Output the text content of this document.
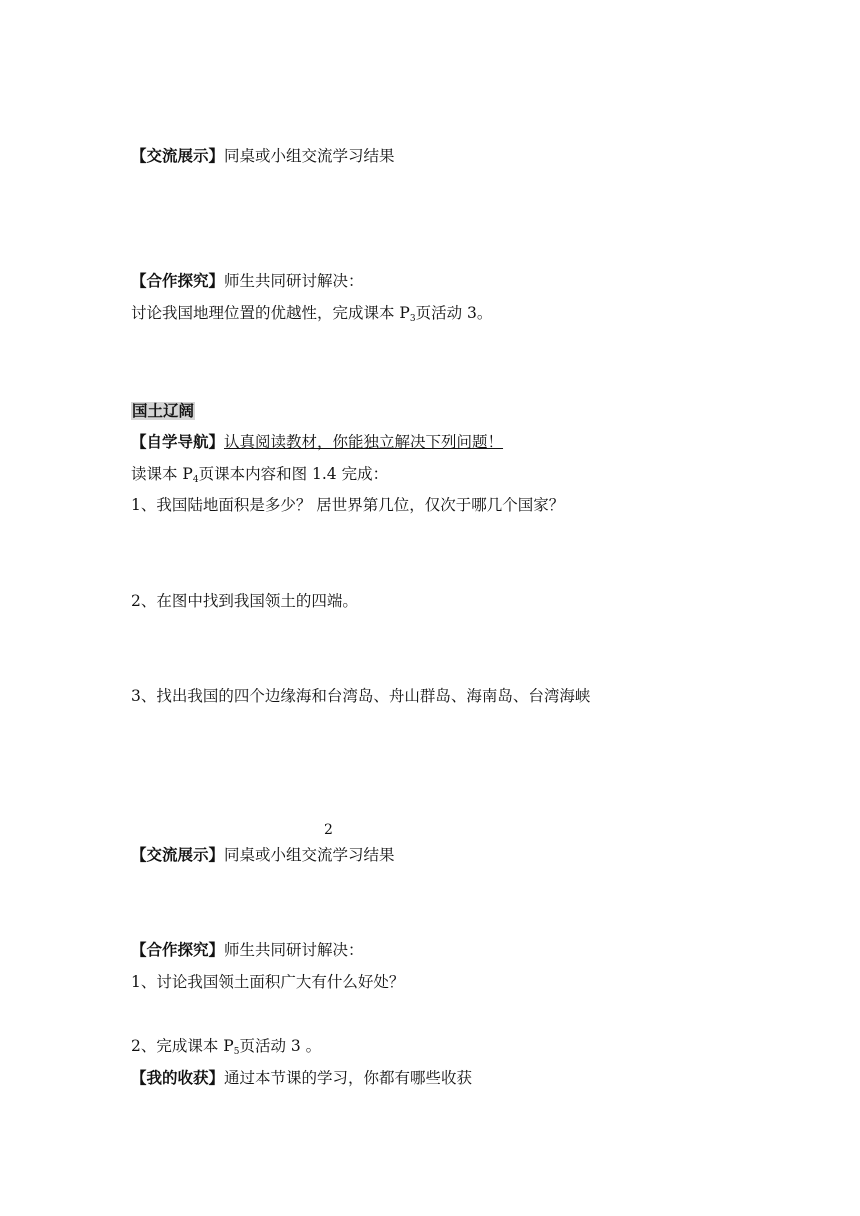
【交流展示】同桌或小组交流学习结果
【合作探究】师生共同研讨解决：
讨论我国地理位置的优越性，完成课本 $P_3$页活动 3。
国土辽阔
【自学导航】认真阅读教材，你能独立解决下列问题！
读课本 $P_4$页课本内容和图 1.4 完成：
1、我国陆地面积是多少？ 居世界第几位，仅次于哪几个国家？
2、在图中找到我国领土的四端。
3、找出我国的四个边缘海和台湾岛、舟山群岛、海南岛、台湾海峡
2
【交流展示】同桌或小组交流学习结果
【合作探究】师生共同研讨解决：
1、讨论我国领土面积广大有什么好处？
2、完成课本 $P_5$页活动 3 。
【我的收获】通过本节课的学习，你都有哪些收获
